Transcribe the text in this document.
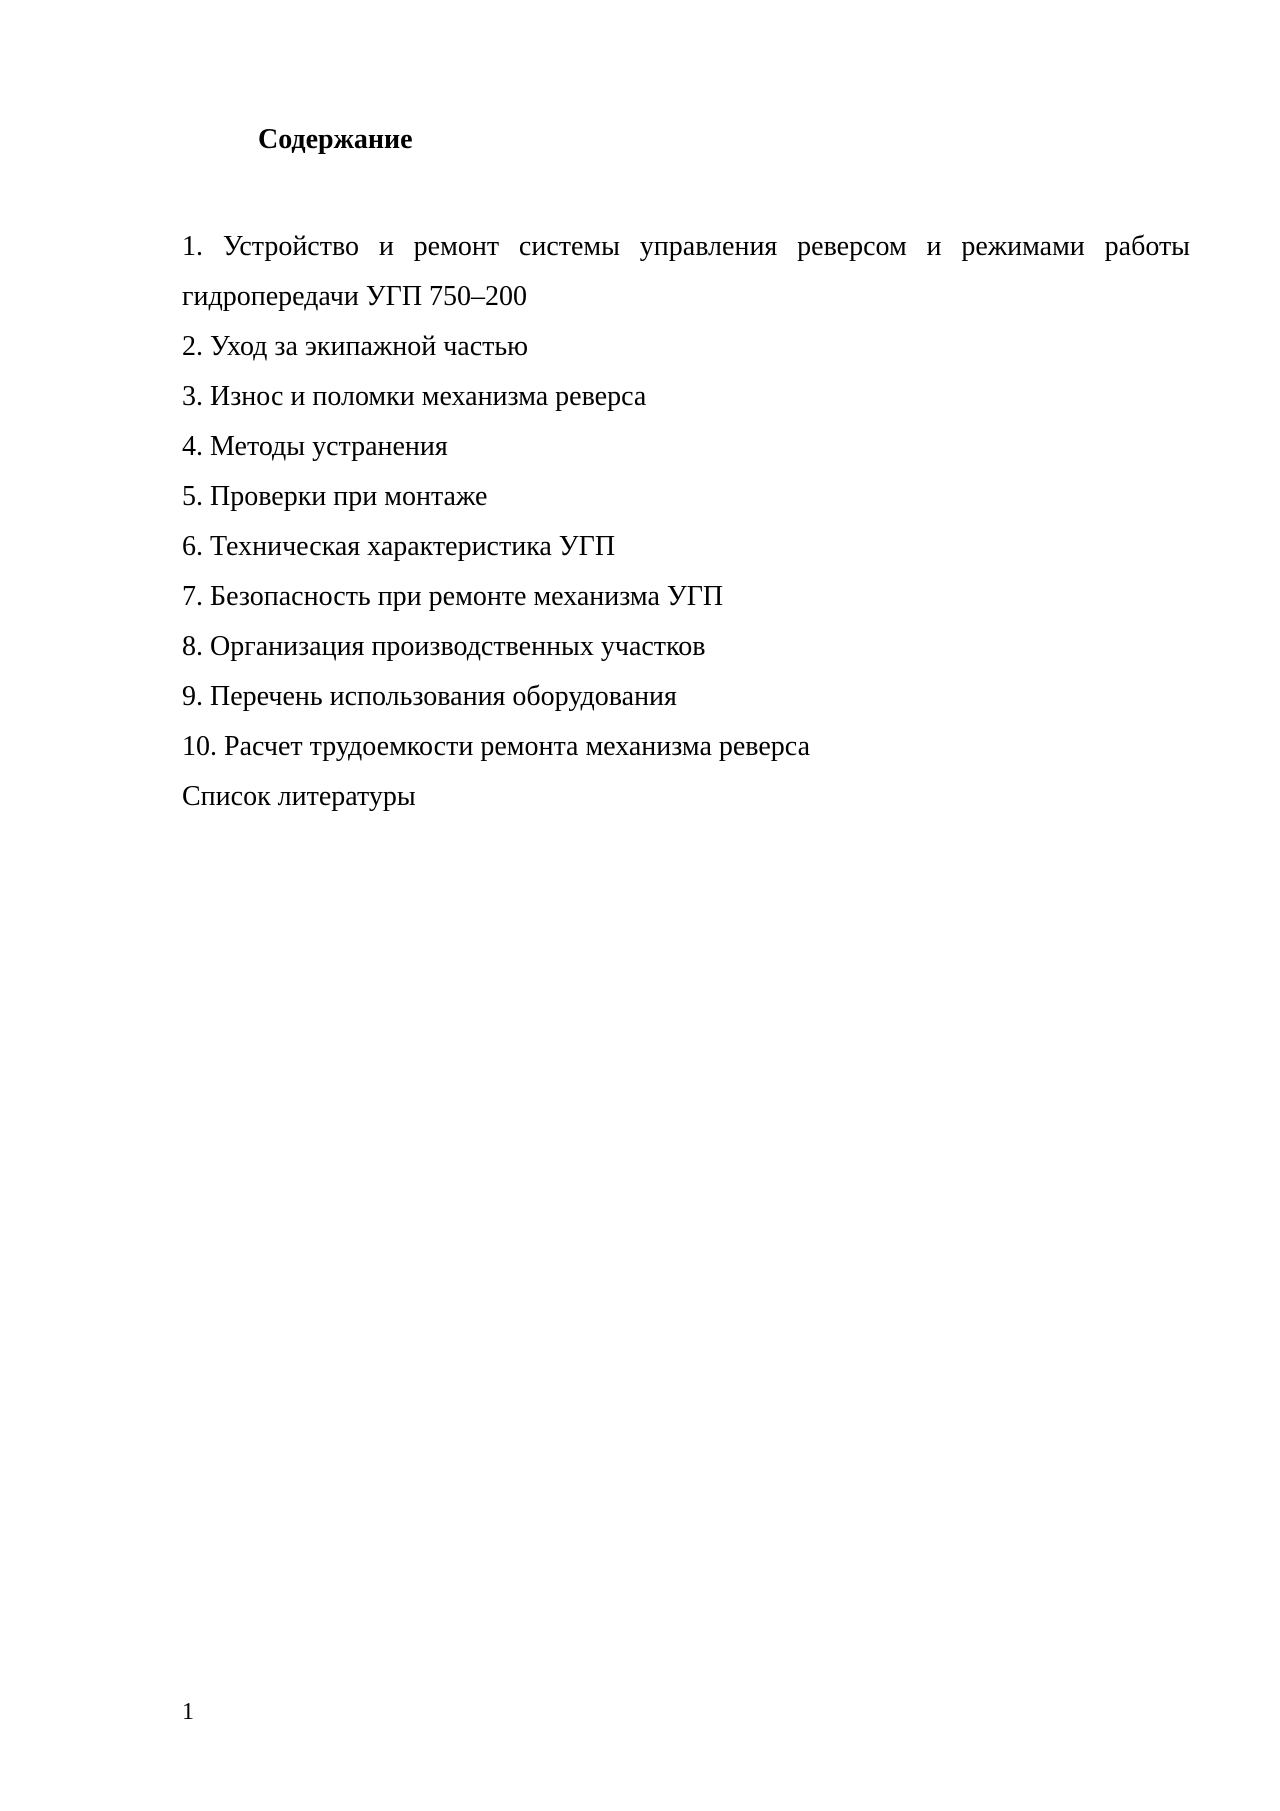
Содержание
1. Устройство и ремонт системы управления реверсом и режимами работы гидропередачи УГП 750–200
2. Уход за экипажной частью
3. Износ и поломки механизма реверса
4. Методы устранения
5. Проверки при монтаже
6. Техническая характеристика УГП
7. Безопасность при ремонте механизма УГП
8. Организация производственных участков
9. Перечень использования оборудования
10. Расчет трудоемкости ремонта механизма реверса
Список литературы
1
